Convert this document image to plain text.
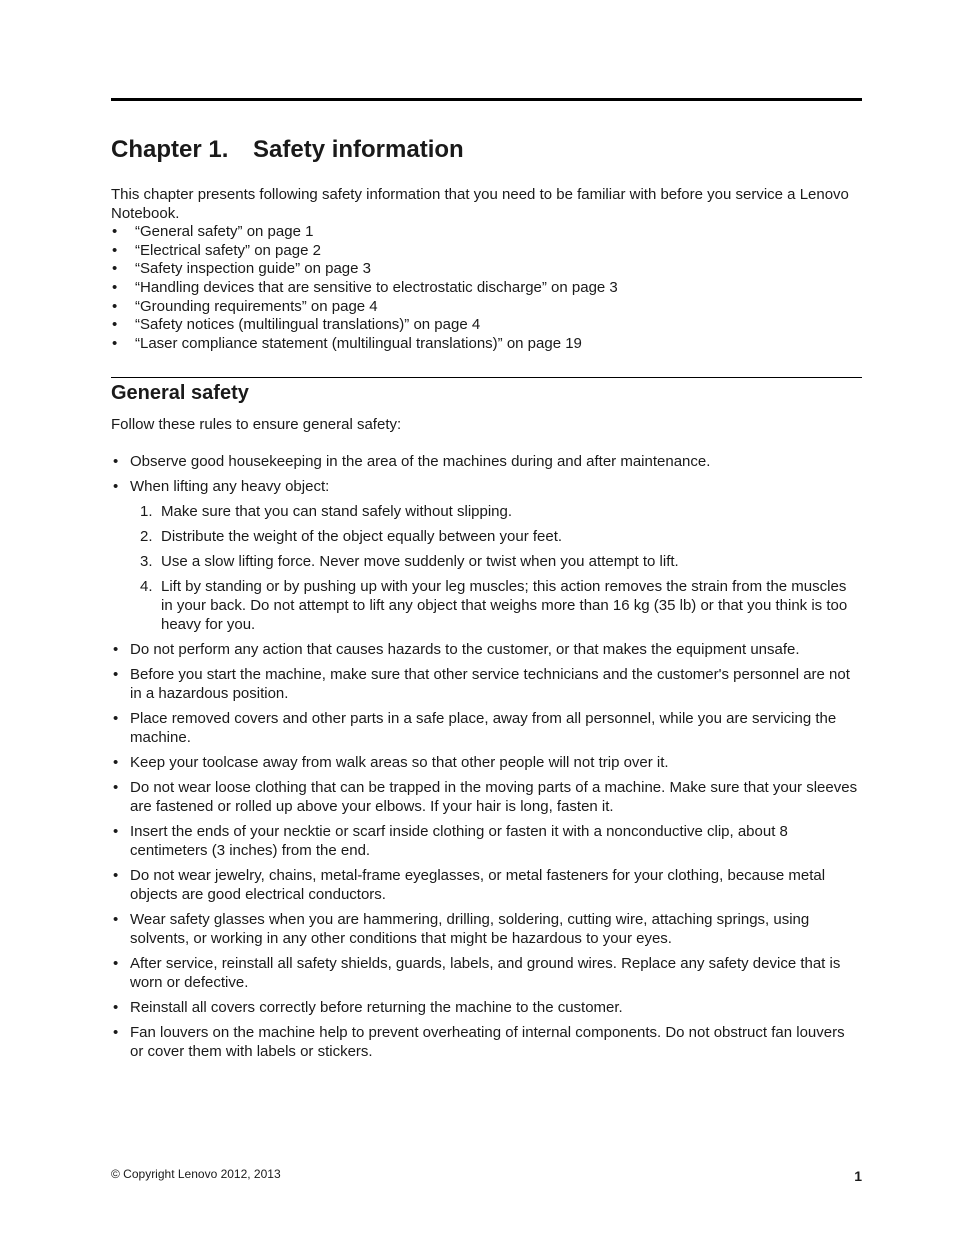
Chapter 1. Safety information

This chapter presents following safety information that you need to be familiar with before you service a Lenovo Notebook.

• “General safety” on page 1
• “Electrical safety” on page 2
• “Safety inspection guide” on page 3
• “Handling devices that are sensitive to electrostatic discharge” on page 3
• “Grounding requirements” on page 4
• “Safety notices (multilingual translations)” on page 4
• “Laser compliance statement (multilingual translations)” on page 19
General safety

Follow these rules to ensure general safety:

• Observe good housekeeping in the area of the machines during and after maintenance.
• When lifting any heavy object:
1. Make sure that you can stand safely without slipping.
2. Distribute the weight of the object equally between your feet.
3. Use a slow lifting force. Never move suddenly or twist when you attempt to lift.
4. Lift by standing or by pushing up with your leg muscles; this action removes the strain from the muscles in your back. Do not attempt to lift any object that weighs more than 16 kg (35 lb) or that you think is too heavy for you.
• Do not perform any action that causes hazards to the customer, or that makes the equipment unsafe.
• Before you start the machine, make sure that other service technicians and the customer's personnel are not in a hazardous position.
• Place removed covers and other parts in a safe place, away from all personnel, while you are servicing the machine.
• Keep your toolcase away from walk areas so that other people will not trip over it.
• Do not wear loose clothing that can be trapped in the moving parts of a machine. Make sure that your sleeves are fastened or rolled up above your elbows. If your hair is long, fasten it.
• Insert the ends of your necktie or scarf inside clothing or fasten it with a nonconductive clip, about 8 centimeters (3 inches) from the end.
• Do not wear jewelry, chains, metal-frame eyeglasses, or metal fasteners for your clothing, because metal objects are good electrical conductors.
• Wear safety glasses when you are hammering, drilling, soldering, cutting wire, attaching springs, using solvents, or working in any other conditions that might be hazardous to your eyes.
• After service, reinstall all safety shields, guards, labels, and ground wires. Replace any safety device that is worn or defective.
• Reinstall all covers correctly before returning the machine to the customer.
• Fan louvers on the machine help to prevent overheating of internal components. Do not obstruct fan louvers or cover them with labels or stickers.
© Copyright Lenovo 2012, 2013	1
